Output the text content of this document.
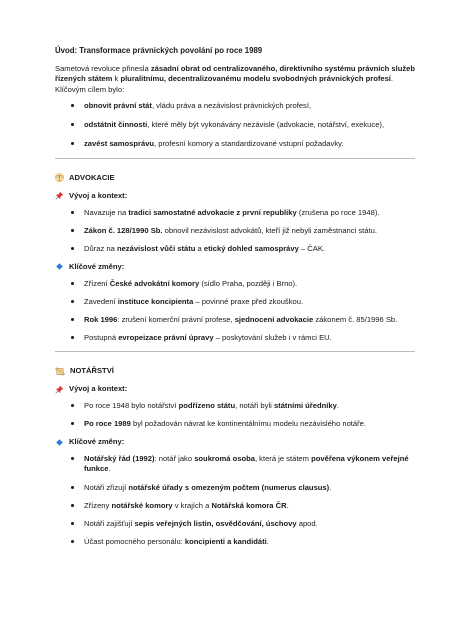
Úvod: Transformace právnických povolání po roce 1989
Sametová revoluce přinesla zásadní obrat od centralizovaného, direktivního systému právních služeb řízených státem k pluralitnímu, decentralizovanému modelu svobodných právnických profesí. Klíčovým cílem bylo:
obnovit právní stát, vládu práva a nezávislost právnických profesí,
odstátnit činnosti, které měly být vykonávány nezávisle (advokacie, notářství, exekuce),
zavést samosprávu, profesní komory a standardizované vstupní požadavky.
ADVOKACIE
Vývoj a kontext:
Navazuje na tradici samostatné advokacie z první republiky (zrušena po roce 1948).
Zákon č. 128/1990 Sb. obnovil nezávislost advokátů, kteří již nebyli zaměstnanci státu.
Důraz na nezávislost vůči státu a etický dohled samosprávy – ČAK.
Klíčové změny:
Zřízení České advokátní komory (sídlo Praha, později i Brno).
Zavedení instituce koncipienta – povinné praxe před zkouškou.
Rok 1996: zrušení komerční právní profese, sjednocení advokacie zákonem č. 85/1996 Sb.
Postupná evropeizace právní úpravy – poskytování služeb i v rámci EU.
NOTÁŘSTVÍ
Vývoj a kontext:
Po roce 1948 bylo notářství podřízeno státu, notáři byli státními úředníky.
Po roce 1989 byl požadován návrat ke kontinentálnímu modelu nezávislého notáře.
Klíčové změny:
Notářský řád (1992): notář jako soukromá osoba, která je státem pověřena výkonem veřejné funkce.
Notáři zřizují notářské úřady s omezeným počtem (numerus clausus).
Zřízeny notářské komory v krajích a Notářská komora ČR.
Notáři zajišťují sepis veřejných listin, osvědčování, úschovy apod.
Účast pomocného personálu: koncipienti a kandidáti.
